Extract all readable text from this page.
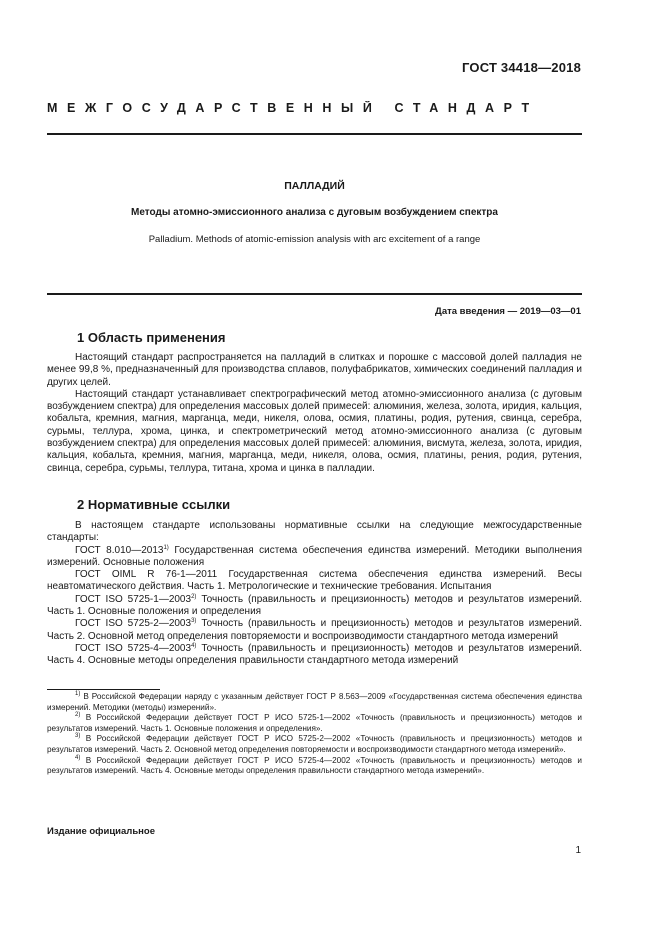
ГОСТ 34418—2018
МЕЖГОСУДАРСТВЕННЫЙ СТАНДАРТ
ПАЛЛАДИЙ
Методы атомно-эмиссионного анализа с дуговым возбуждением спектра
Palladium. Methods of atomic-emission analysis with arc excitement of a range
Дата введения — 2019—03—01
1 Область применения

Настоящий стандарт распространяется на палладий в слитках и порошке с массовой долей палладия не менее 99,8 %, предназначенный для производства сплавов, полуфабрикатов, химических соединений палладия и других целей.

Настоящий стандарт устанавливает спектрографический метод атомно-эмиссионного анализа (с дуговым возбуждением спектра) для определения массовых долей примесей: алюминия, железа, золота, иридия, кальция, кобальта, кремния, магния, марганца, меди, никеля, олова, осмия, платины, родия, рутения, свинца, серебра, сурьмы, теллура, хрома, цинка, и спектрометрический метод атомно-эмиссионного анализа (с дуговым возбуждением спектра) для определения массовых долей примесей: алюминия, висмута, железа, золота, иридия, кальция, кобальта, кремния, магния, марганца, меди, никеля, олова, осмия, платины, рения, родия, рутения, свинца, серебра, сурьмы, теллура, титана, хрома и цинка в палладии.

2 Нормативные ссылки

В настоящем стандарте использованы нормативные ссылки на следующие межгосударственные стандарты:

ГОСТ 8.010—2013$^{1)}$ Государственная система обеспечения единства измерений. Методики выполнения измерений. Основные положения

ГОСТ OIML R 76-1—2011 Государственная система обеспечения единства измерений. Весы неавтоматического действия. Часть 1. Метрологические и технические требования. Испытания

ГОСТ ISO 5725-1—2003$^{2)}$ Точность (правильность и прецизионность) методов и результатов измерений. Часть 1. Основные положения и определения

ГОСТ ISO 5725-2—2003$^{3)}$ Точность (правильность и прецизионность) методов и результатов измерений. Часть 2. Основной метод определения повторяемости и воспроизводимости стандартного метода измерений

ГОСТ ISO 5725-4—2003$^{4)}$ Точность (правильность и прецизионность) методов и результатов измерений. Часть 4. Основные методы определения правильности стандартного метода измерений

$^{1)}$ В Российской Федерации наряду с указанным действует ГОСТ Р 8.563—2009 «Государственная система обеспечения единства измерений. Методики (методы) измерений».

$^{2)}$ В Российской Федерации действует ГОСТ Р ИСО 5725-1—2002 «Точность (правильность и прецизионность) методов и результатов измерений. Часть 1. Основные положения и определения».

$^{3)}$ В Российской Федерации действует ГОСТ Р ИСО 5725-2—2002 «Точность (правильность и прецизионность) методов и результатов измерений. Часть 2. Основной метод определения повторяемости и воспроизводимости стандартного метода измерений».

$^{4)}$ В Российской Федерации действует ГОСТ Р ИСО 5725-4—2002 «Точность (правильность и прецизионность) методов и результатов измерений. Часть 4. Основные методы определения правильности стандартного метода измерений».

Издание официальное
1
